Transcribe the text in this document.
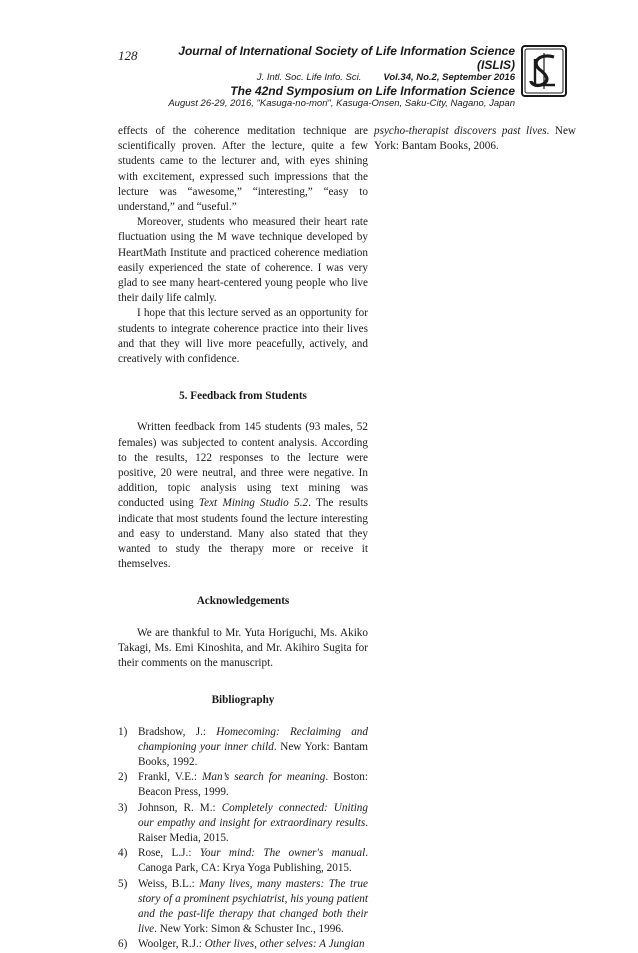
128	Journal of International Society of Life Information Science (ISLIS)
J. Intl. Soc. Life Info. Sci. Vol.34, No.2, September 2016
The 42nd Symposium on Life Information Science
August 26-29, 2016, "Kasuga-no-mori", Kasuga-Onsen, Saku-City, Nagano, Japan

effects of the coherence meditation technique are scientifically proven. After the lecture, quite a few students came to the lecturer and, with eyes shining with excitement, expressed such impressions that the lecture was “awesome,” “interesting,” “easy to understand,” and “useful.”

Moreover, students who measured their heart rate fluctuation using the M wave technique developed by HeartMath Institute and practiced coherence mediation easily experienced the state of coherence. I was very glad to see many heart-centered young people who live their daily life calmly.

I hope that this lecture served as an opportunity for students to integrate coherence practice into their lives and that they will live more peacefully, actively, and creatively with confidence.

5. Feedback from Students

Written feedback from 145 students (93 males, 52 females) was subjected to content analysis. According to the results, 122 responses to the lecture were positive, 20 were neutral, and three were negative. In addition, topic analysis using text mining was conducted using Text Mining Studio 5.2. The results indicate that most students found the lecture interesting and easy to understand. Many also stated that they wanted to study the therapy more or receive it themselves.

Acknowledgements

We are thankful to Mr. Yuta Horiguchi, Ms. Akiko Takagi, Ms. Emi Kinoshita, and Mr. Akihiro Sugita for their comments on the manuscript.

Bibliography
1) Bradshow, J.: Homecoming: Reclaiming and championing your inner child. New York: Bantam Books, 1992.
2) Frankl, V.E.: Man’s search for meaning. Boston: Beacon Press, 1999.
3) Johnson, R. M.: Completely connected: Uniting our empathy and insight for extraordinary results. Raiser Media, 2015.
4) Rose, L.J.: Your mind: The owner's manual. Canoga Park, CA: Krya Yoga Publishing, 2015.
5) Weiss, B.L.: Many lives, many masters: The true story of a prominent psychiatrist, his young patient and the past-life therapy that changed both their live. New York: Simon & Schuster Inc., 1996.
6) Woolger, R.J.: Other lives, other selves: A Jungian

psycho-therapist discovers past lives. New York: Bantam Books, 2006.
